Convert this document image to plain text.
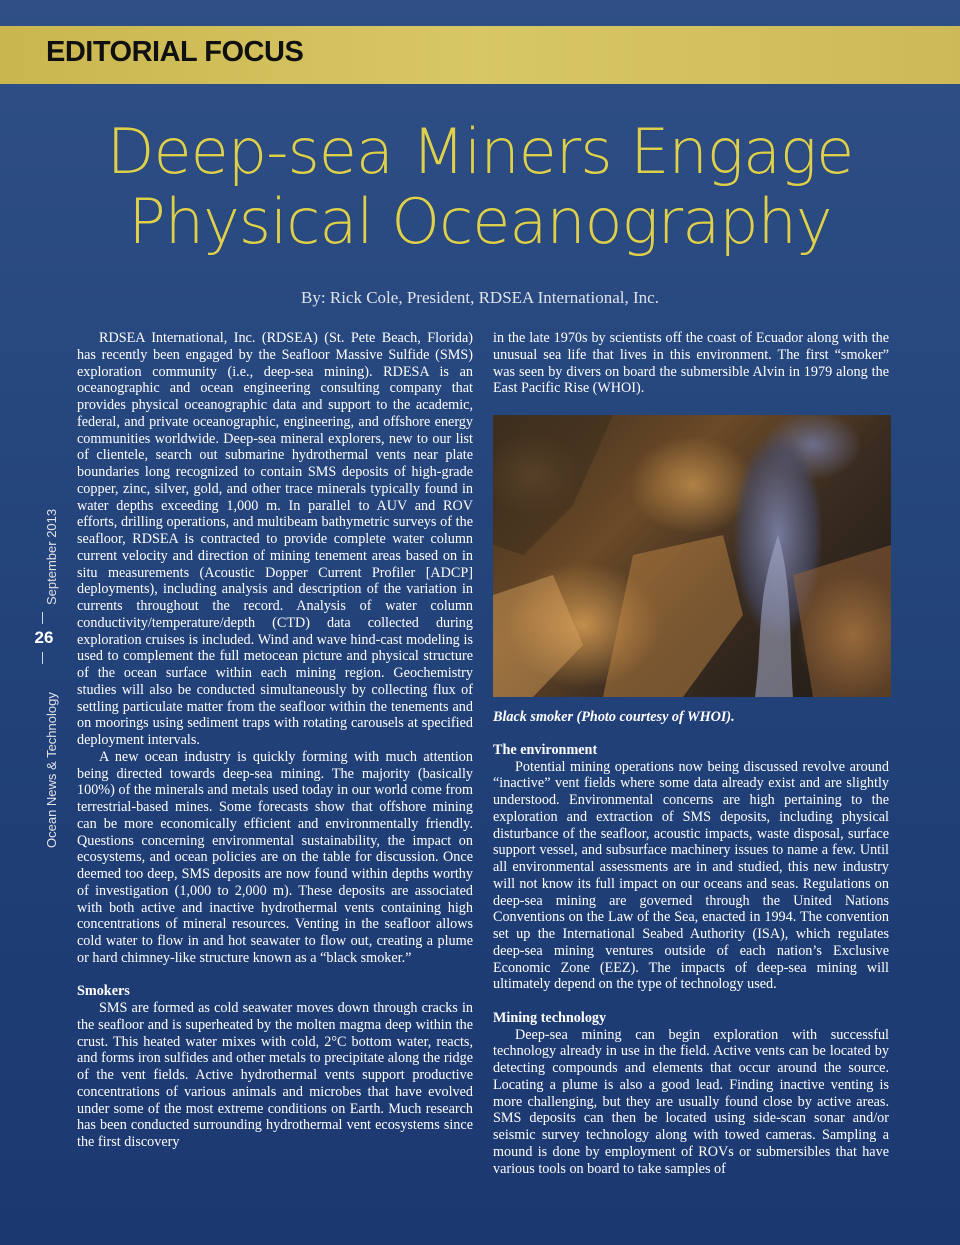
EDITORIAL FOCUS
Deep-sea Miners Engage
Physical Oceanography
By: Rick Cole, President, RDSEA International, Inc.
September 2013
26
Ocean News & Technology

RDSEA International, Inc. (RDSEA) (St. Pete Beach, Florida) has recently been engaged by the Seafloor Massive Sulfide (SMS) exploration community (i.e., deep-sea mining). RDESA is an oceanographic and ocean engineering consulting company that provides physical oceanographic data and support to the academic, federal, and private oceanographic, engineering, and offshore energy communities worldwide. Deep-sea mineral explorers, new to our list of clientele, search out submarine hydrothermal vents near plate boundaries long recognized to contain SMS deposits of high-grade copper, zinc, silver, gold, and other trace minerals typically found in water depths exceeding 1,000 m. In parallel to AUV and ROV efforts, drilling operations, and multibeam bathymetric surveys of the seafloor, RDSEA is contracted to provide complete water column current velocity and direction of mining tenement areas based on in situ measurements (Acoustic Dopper Current Profiler [ADCP] deployments), including analysis and description of the variation in currents throughout the record. Analysis of water column conductivity/temperature/depth (CTD) data collected during exploration cruises is included. Wind and wave hind-cast modeling is used to complement the full metocean picture and physical structure of the ocean surface within each mining region. Geochemistry studies will also be conducted simultaneously by collecting flux of settling particulate matter from the seafloor within the tenements and on moorings using sediment traps with rotating carousels at specified deployment intervals.

A new ocean industry is quickly forming with much attention being directed towards deep-sea mining. The majority (basically 100%) of the minerals and metals used today in our world come from terrestrial-based mines. Some forecasts show that offshore mining can be more economically efficient and environmentally friendly. Questions concerning environmental sustainability, the impact on ecosystems, and ocean policies are on the table for discussion. Once deemed too deep, SMS deposits are now found within depths worthy of investigation (1,000 to 2,000 m). These deposits are associated with both active and inactive hydrothermal vents containing high concentrations of mineral resources. Venting in the seafloor allows cold water to flow in and hot seawater to flow out, creating a plume or hard chimney-like structure known as a “black smoker.”

Smokers

SMS are formed as cold seawater moves down through cracks in the seafloor and is superheated by the molten magma deep within the crust. This heated water mixes with cold, 2°C bottom water, reacts, and forms iron sulfides and other metals to precipitate along the ridge of the vent fields. Active hydrothermal vents support productive concentrations of various animals and microbes that have evolved under some of the most extreme conditions on Earth. Much research has been conducted surrounding hydrothermal vent ecosystems since the first discovery

in the late 1970s by scientists off the coast of Ecuador along with the unusual sea life that lives in this environment. The first “smoker” was seen by divers on board the submersible Alvin in 1979 along the East Pacific Rise (WHOI).

Black smoker (Photo courtesy of WHOI).
The environment

Potential mining operations now being discussed revolve around “inactive” vent fields where some data already exist and are slightly understood. Environmental concerns are high pertaining to the exploration and extraction of SMS deposits, including physical disturbance of the seafloor, acoustic impacts, waste disposal, surface support vessel, and subsurface machinery issues to name a few. Until all environmental assessments are in and studied, this new industry will not know its full impact on our oceans and seas. Regulations on deep-sea mining are governed through the United Nations Conventions on the Law of the Sea, enacted in 1994. The convention set up the International Seabed Authority (ISA), which regulates deep-sea mining ventures outside of each nation’s Exclusive Economic Zone (EEZ). The impacts of deep-sea mining will ultimately depend on the type of technology used.

Mining technology

Deep-sea mining can begin exploration with successful technology already in use in the field. Active vents can be located by detecting compounds and elements that occur around the source. Locating a plume is also a good lead. Finding inactive venting is more challenging, but they are usually found close by active areas. SMS deposits can then be located using side-scan sonar and/or seismic survey technology along with towed cameras. Sampling a mound is done by employment of ROVs or submersibles that have various tools on board to take samples of
